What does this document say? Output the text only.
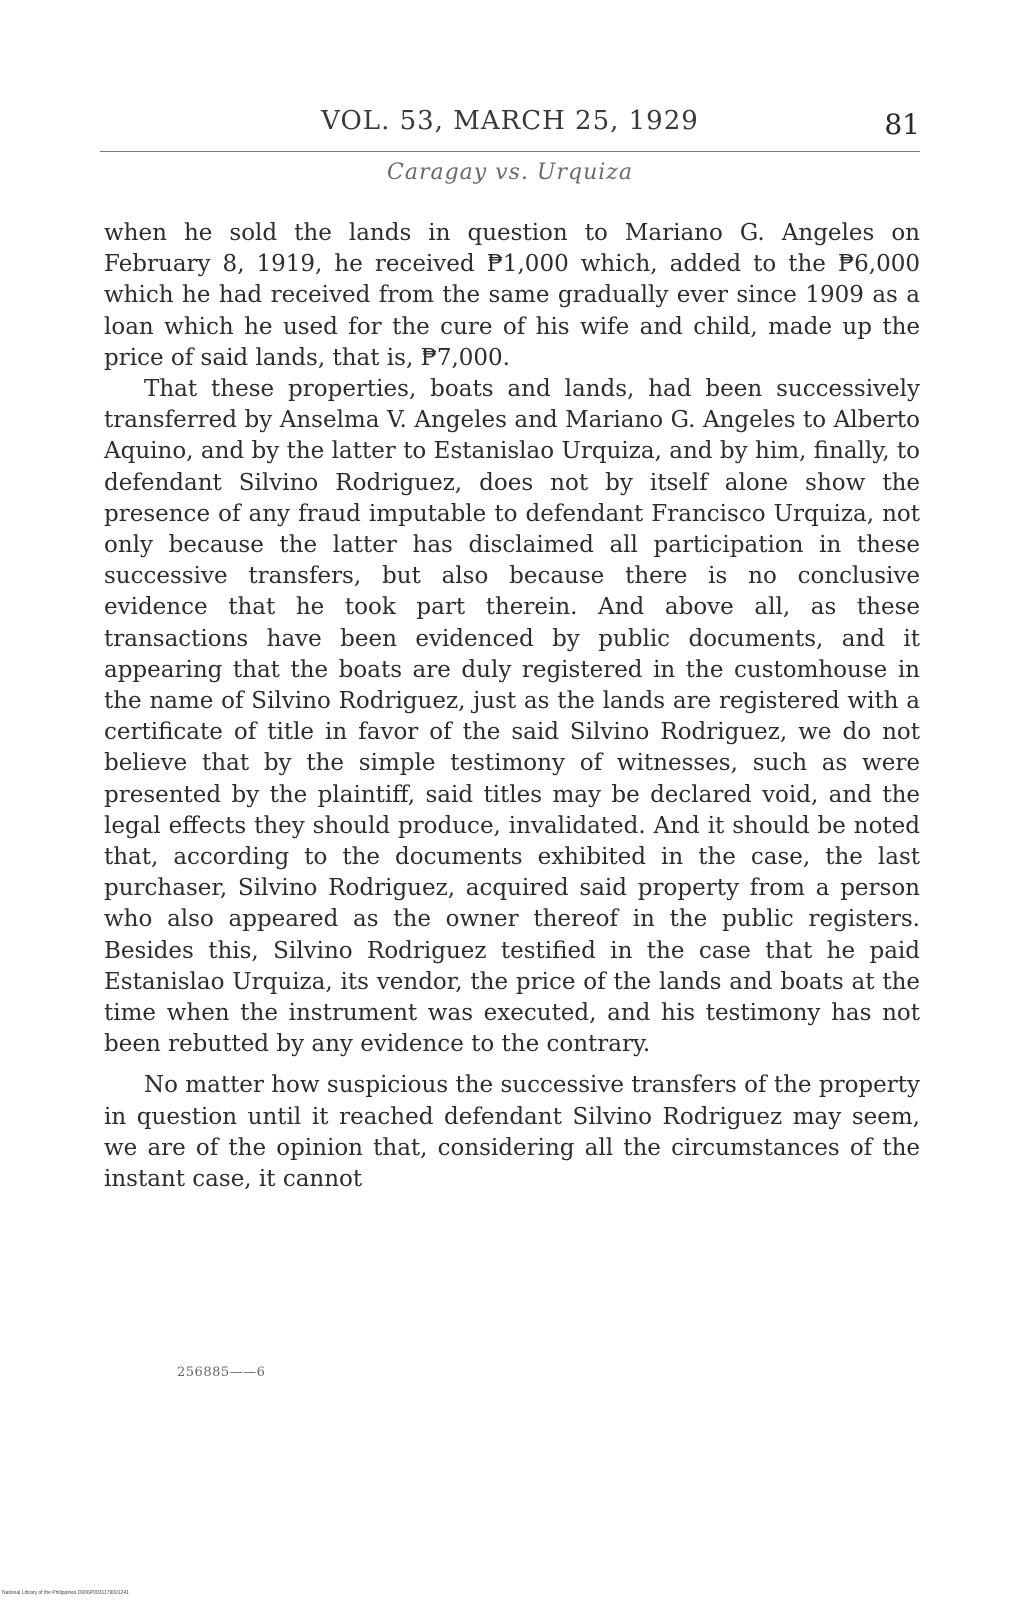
VOL. 53, MARCH 25, 1929	81
Caragay vs. Urquiza

when he sold the lands in question to Mariano G. Angeles on February 8, 1919, he received ₱1,000 which, added to the ₱6,000 which he had received from the same gradually ever since 1909 as a loan which he used for the cure of his wife and child, made up the price of said lands, that is, ₱7,000.

That these properties, boats and lands, had been successively transferred by Anselma V. Angeles and Mariano G. Angeles to Alberto Aquino, and by the latter to Estanislao Urquiza, and by him, finally, to defendant Silvino Rodriguez, does not by itself alone show the presence of any fraud imputable to defendant Francisco Urquiza, not only because the latter has disclaimed all participation in these successive transfers, but also because there is no conclusive evidence that he took part therein. And above all, as these transactions have been evidenced by public documents, and it appearing that the boats are duly registered in the customhouse in the name of Silvino Rodriguez, just as the lands are registered with a certificate of title in favor of the said Silvino Rodriguez, we do not believe that by the simple testimony of witnesses, such as were presented by the plaintiff, said titles may be declared void, and the legal effects they should produce, invalidated. And it should be noted that, according to the documents exhibited in the case, the last purchaser, Silvino Rodriguez, acquired said property from a person who also appeared as the owner thereof in the public registers. Besides this, Silvino Rodriguez testified in the case that he paid Estanislao Urquiza, its vendor, the price of the lands and boats at the time when the instrument was executed, and his testimony has not been rebutted by any evidence to the contrary.

No matter how suspicious the successive transfers of the property in question until it reached defendant Silvino Rodriguez may seem, we are of the opinion that, considering all the circumstances of the instant case, it cannot

256885——6
National Library of the Philippines D006P0031179001241
